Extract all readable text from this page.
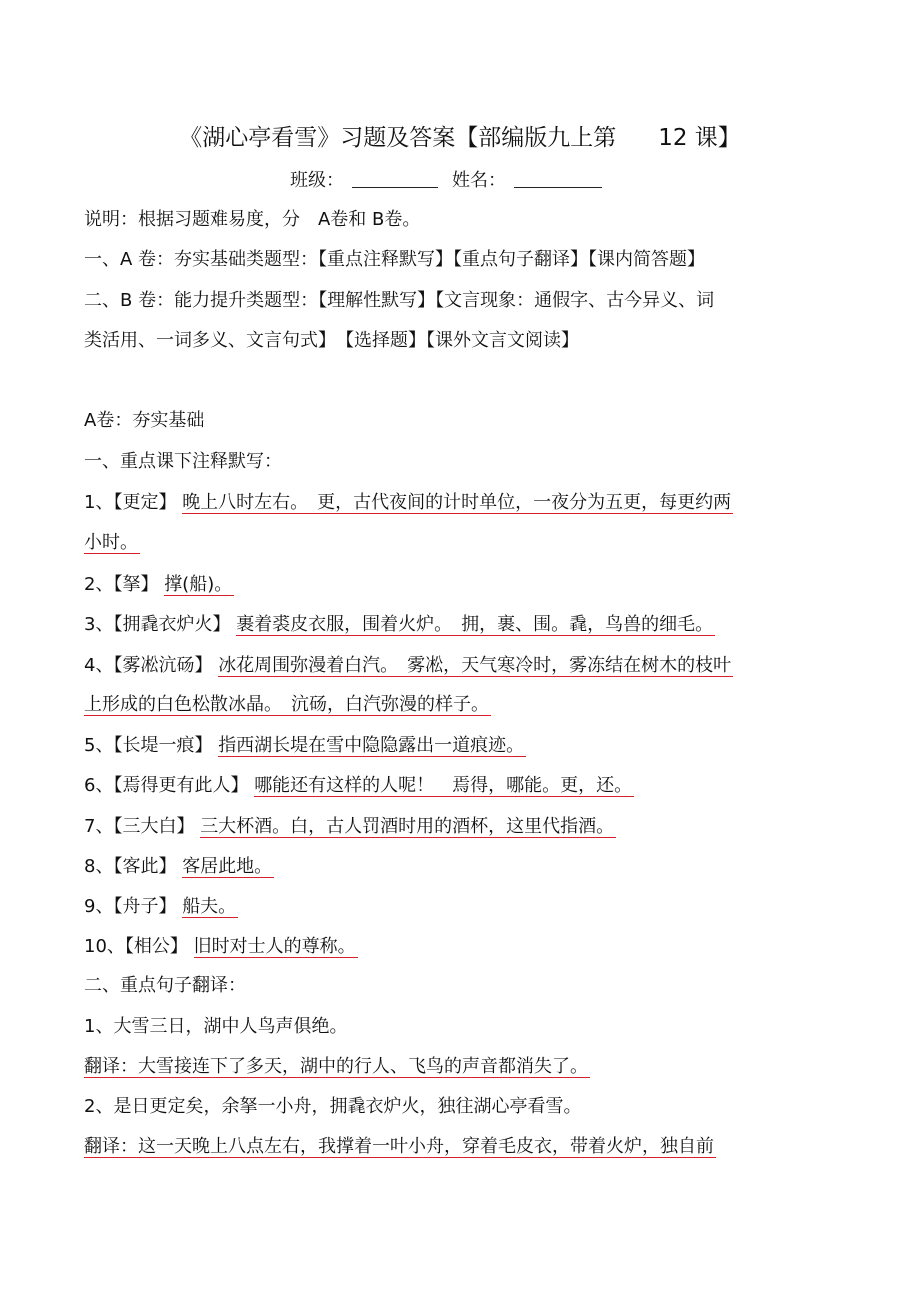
《湖心亭看雪》习题及答案【部编版九上第 12 课】

班级：	姓名：

说明：根据习题难易度，分　A卷和 B卷。

一、A 卷：夯实基础类题型：【重点注释默写】【重点句子翻译】【课内简答题】

二、B 卷：能力提升类题型：【理解性默写】【文言现象：通假字、古今异义、词

类活用、一词多义、文言句式】　【选择题】【课外文言文阅读】

A卷：夯实基础

一、重点课下注释默写：

1、【更定】 晚上八时左右。　更，古代夜间的计时单位，一夜分为五更，每更约两

小时。

2、【拏】 撑(船)。

3、【拥毳衣炉火】 裹着裘皮衣服，围着火炉。　拥，裹、围。毳，鸟兽的细毛。

4、【雾凇沆砀】 冰花周围弥漫着白汽。　雾凇，天气寒冷时，雾冻结在树木的枝叶

上形成的白色松散冰晶。　沆砀，白汽弥漫的样子。

5、【长堤一痕】 指西湖长堤在雪中隐隐露出一道痕迹。

6、【焉得更有此人】 哪能还有这样的人呢！　焉得，哪能。更，还。

7、【三大白】 三大杯酒。白，古人罚酒时用的酒杯，这里代指酒。

8、【客此】 客居此地。

9、【舟子】 船夫。

10、【相公】 旧时对士人的尊称。

二、重点句子翻译：

1、大雪三日，湖中人鸟声俱绝。

翻译：大雪接连下了多天，湖中的行人、飞鸟的声音都消失了。

2、是日更定矣，余拏一小舟，拥毳衣炉火，独往湖心亭看雪。

翻译：这一天晚上八点左右，我撑着一叶小舟，穿着毛皮衣，带着火炉，独自前
